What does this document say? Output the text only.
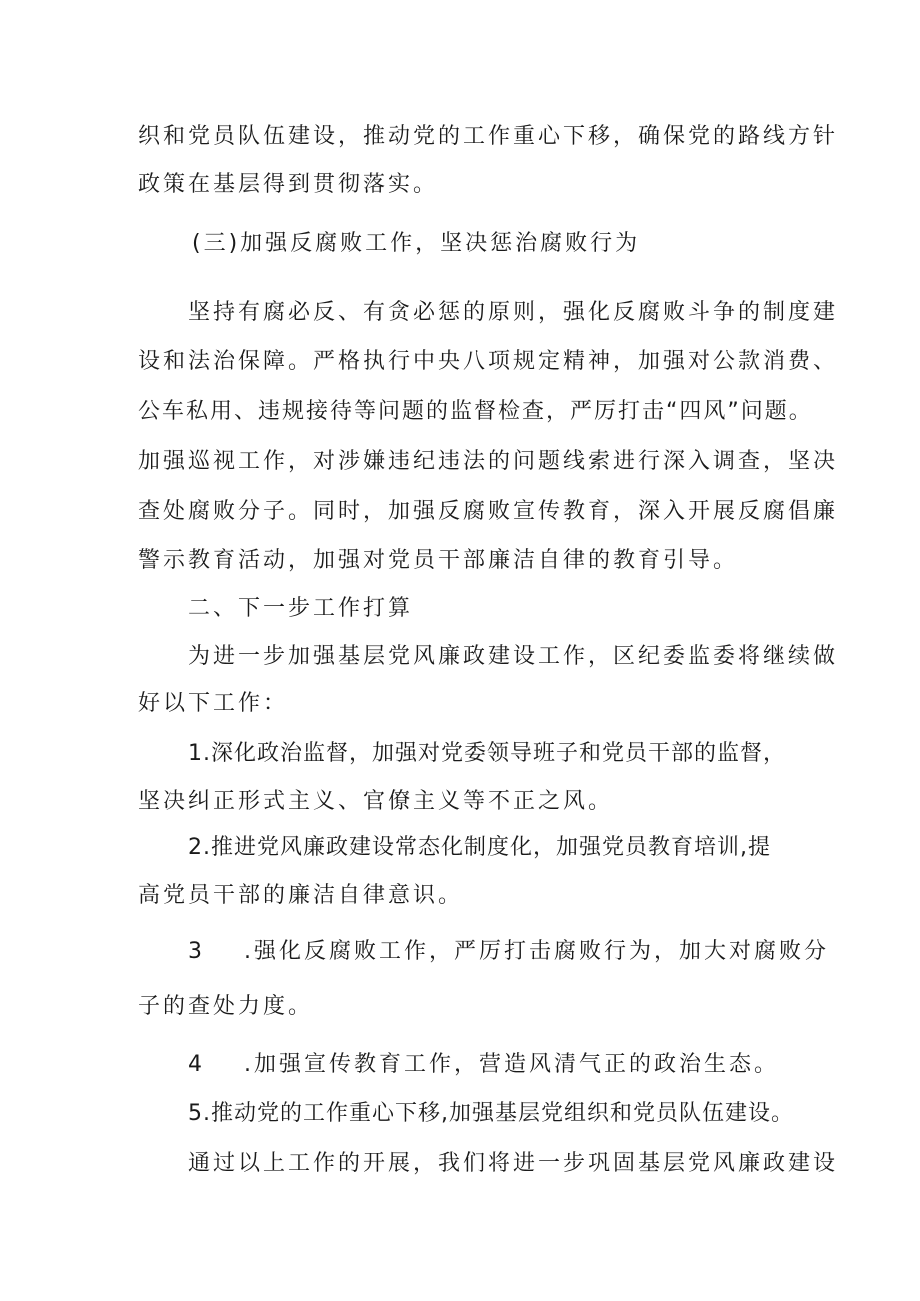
织和党员队伍建设，推动党的工作重心下移，确保党的路线方针
政策在基层得到贯彻落实。
(三)加强反腐败工作，坚决惩治腐败行为
坚持有腐必反、有贪必惩的原则，强化反腐败斗争的制度建
设和法治保障。严格执行中央八项规定精神，加强对公款消费、
公车私用、违规接待等问题的监督检查，严厉打击“四风”问题。
加强巡视工作，对涉嫌违纪违法的问题线索进行深入调查，坚决
查处腐败分子。同时，加强反腐败宣传教育，深入开展反腐倡廉
警示教育活动，加强对党员干部廉洁自律的教育引导。
二、下一步工作打算
为进一步加强基层党风廉政建设工作，区纪委监委将继续做
好以下工作：
1.深化政治监督，加强对党委领导班子和党员干部的监督，
坚决纠正形式主义、官僚主义等不正之风。
2.推进党风廉政建设常态化制度化，加强党员教育培训,提
高党员干部的廉洁自律意识。
3 .强化反腐败工作，严厉打击腐败行为，加大对腐败分
子的查处力度。
4 .加强宣传教育工作，营造风清气正的政治生态。
5.推动党的工作重心下移,加强基层党组织和党员队伍建设。
通过以上工作的开展，我们将进一步巩固基层党风廉政建设
